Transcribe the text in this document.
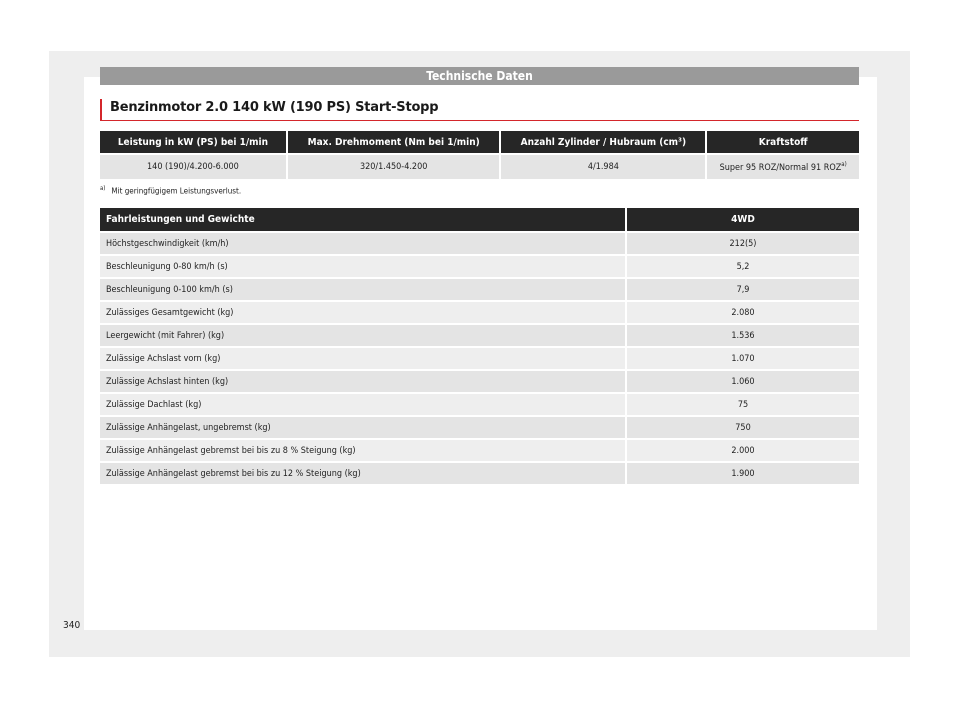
Technische Daten
Benzinmotor 2.0 140 kW (190 PS) Start-Stopp
Leistung in kW (PS) bei 1/min	Max. Drehmoment (Nm bei 1/min)	Anzahl Zylinder / Hubraum (cm³)	Kraftstoff
140 (190)/4.200-6.000	320/1.450-4.200	4/1.984	Super 95 ROZ/Normal 91 ROZ$^{a)}$
$^{a)}$ Mit geringfügigem Leistungsverlust.
Fahrleistungen und Gewichte	4WD
Höchstgeschwindigkeit (km/h)	212(5)
Beschleunigung 0-80 km/h (s)	5,2
Beschleunigung 0-100 km/h (s)	7,9
Zulässiges Gesamtgewicht (kg)	2.080
Leergewicht (mit Fahrer) (kg)	1.536
Zulässige Achslast vorn (kg)	1.070
Zulässige Achslast hinten (kg)	1.060
Zulässige Dachlast (kg)	75
Zulässige Anhängelast, ungebremst (kg)	750
Zulässige Anhängelast gebremst bei bis zu 8 % Steigung (kg)	2.000
Zulässige Anhängelast gebremst bei bis zu 12 % Steigung (kg)	1.900
340
